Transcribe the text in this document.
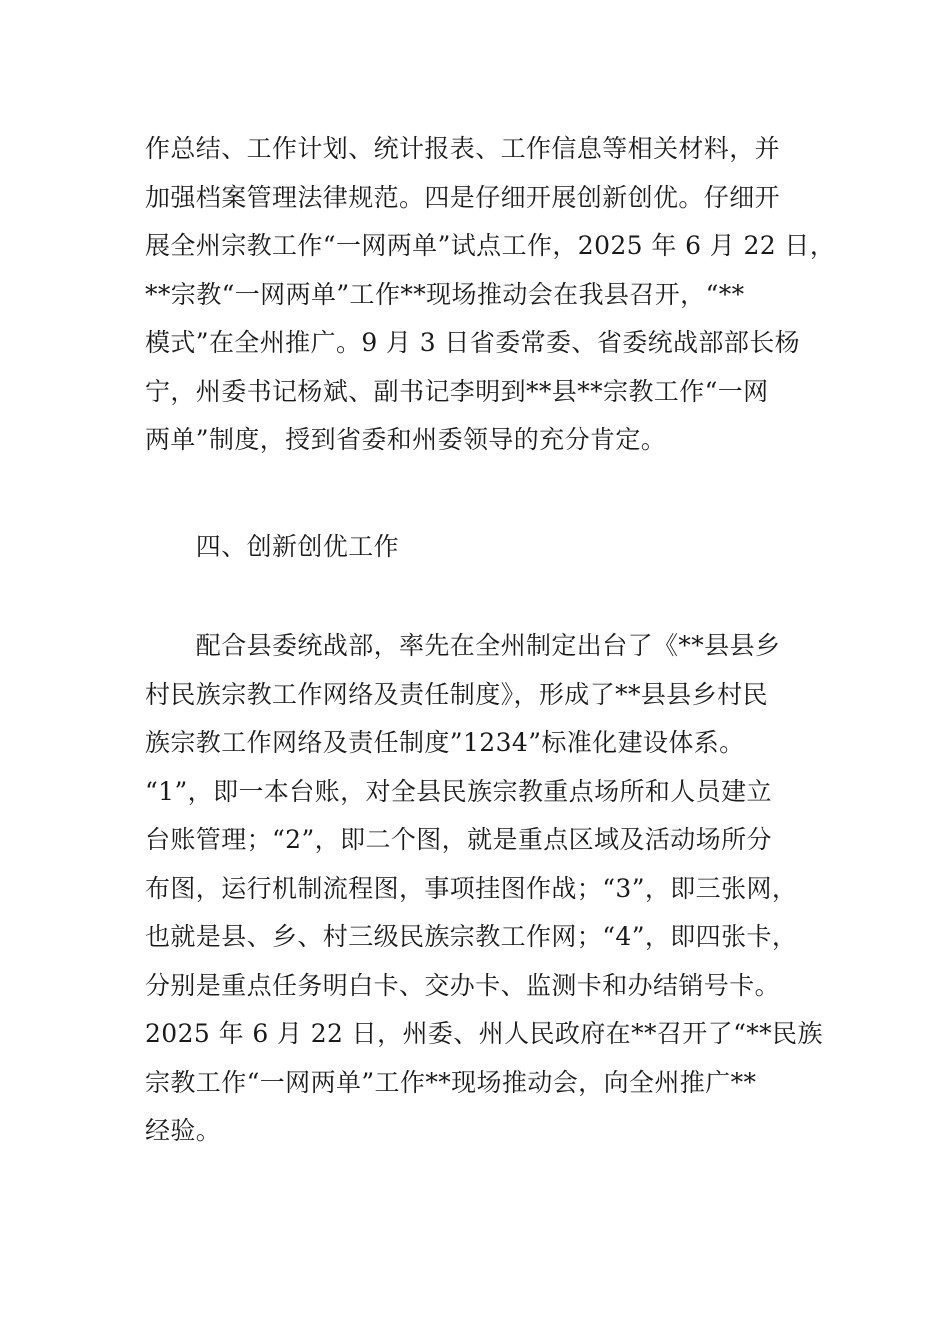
作总结、工作计划、统计报表、工作信息等相关材料，并
加强档案管理法律规范。四是仔细开展创新创优。仔细开
展全州宗教工作“一网两单”试点工作，2025 年 6 月 22 日，
**宗教“一网两单”工作**现场推动会在我县召开，“**
模式”在全州推广。9 月 3 日省委常委、省委统战部部长杨
宁，州委书记杨斌、副书记李明到**县**宗教工作“一网
两单”制度，授到省委和州委领导的充分肯定。
　　四、创新创优工作
　　配合县委统战部，率先在全州制定出台了《**县县乡
村民族宗教工作网络及责任制度》，形成了**县县乡村民
族宗教工作网络及责任制度”1234”标准化建设体系。
“1”，即一本台账，对全县民族宗教重点场所和人员建立
台账管理；“2”，即二个图，就是重点区域及活动场所分
布图，运行机制流程图，事项挂图作战；“3”，即三张网，
也就是县、乡、村三级民族宗教工作网；“4”，即四张卡，
分别是重点任务明白卡、交办卡、监测卡和办结销号卡。
2025 年 6 月 22 日，州委、州人民政府在**召开了“**民族
宗教工作“一网两单”工作**现场推动会，向全州推广**
经验。
